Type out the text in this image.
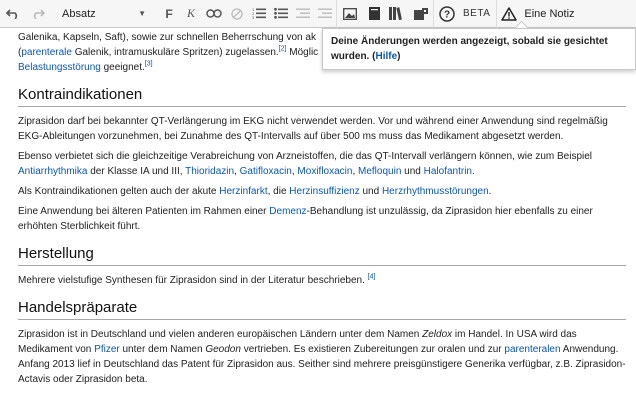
Absatz	▼	F	K	1
2
3	? BETA	Eine Notiz

Galenika, Kapseln, Saft), sowie zur schnellen Beherrschung von ak
(parenterale Galenik, intramuskuläre Spritzen) zugelassen.[2] Möglic
Belastungsstörung geeignet.[3]

Kontraindikationen

Ziprasidon darf bei bekannter QT-Verlängerung im EKG nicht verwendet werden. Vor und während einer Anwendung sind regelmäßig EKG-Ableitungen vorzunehmen, bei Zunahme des QT-Intervalls auf über 500 ms muss das Medikament abgesetzt werden.

Ebenso verbietet sich die gleichzeitige Verabreichung von Arzneistoffen, die das QT-Intervall verlängern können, wie zum Beispiel Antiarrhythmika der Klasse IA und III, Thioridazin, Gatifloxacin, Moxifloxacin, Mefloquin und Halofantrin.

Als Kontraindikationen gelten auch der akute Herzinfarkt, die Herzinsuffizienz und Herzrhythmusstörungen.

Eine Anwendung bei älteren Patienten im Rahmen einer Demenz-Behandlung ist unzulässig, da Ziprasidon hier ebenfalls zu einer erhöhten Sterblichkeit führt.

Herstellung

Mehrere vielstufige Synthesen für Ziprasidon sind in der Literatur beschrieben. [4]

Handelspräparate

Ziprasidon ist in Deutschland und vielen anderen europäischen Ländern unter dem Namen Zeldox im Handel. In USA wird das Medikament von Pfizer unter dem Namen Geodon vertrieben. Es existieren Zubereitungen zur oralen und zur parenteralen Anwendung. Anfang 2013 lief in Deutschland das Patent für Ziprasidon aus. Seither sind mehrere preisgünstigere Generika verfügbar, z.B. Ziprasidon-Actavis oder Ziprasidon beta.

Deine Änderungen werden angezeigt, sobald sie gesichtet wurden. (Hilfe)
